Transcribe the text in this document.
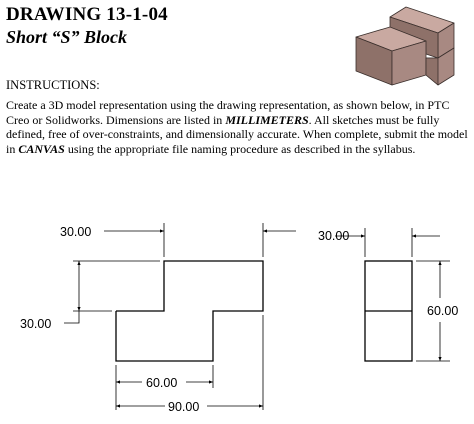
DRAWING 13-1-04
Short “S” Block
INSTRUCTIONS:
Create a 3D model representation using the drawing representation, as shown below, in PTC Creo or Solidworks. Dimensions are listed in MILLIMETERS. All sketches must be fully defined, free of over-constraints, and dimensionally accurate. When complete, submit the model in CANVAS using the appropriate file naming procedure as described in the syllabus.
30.00
30.00
60.00
90.00
30.00
60.00
